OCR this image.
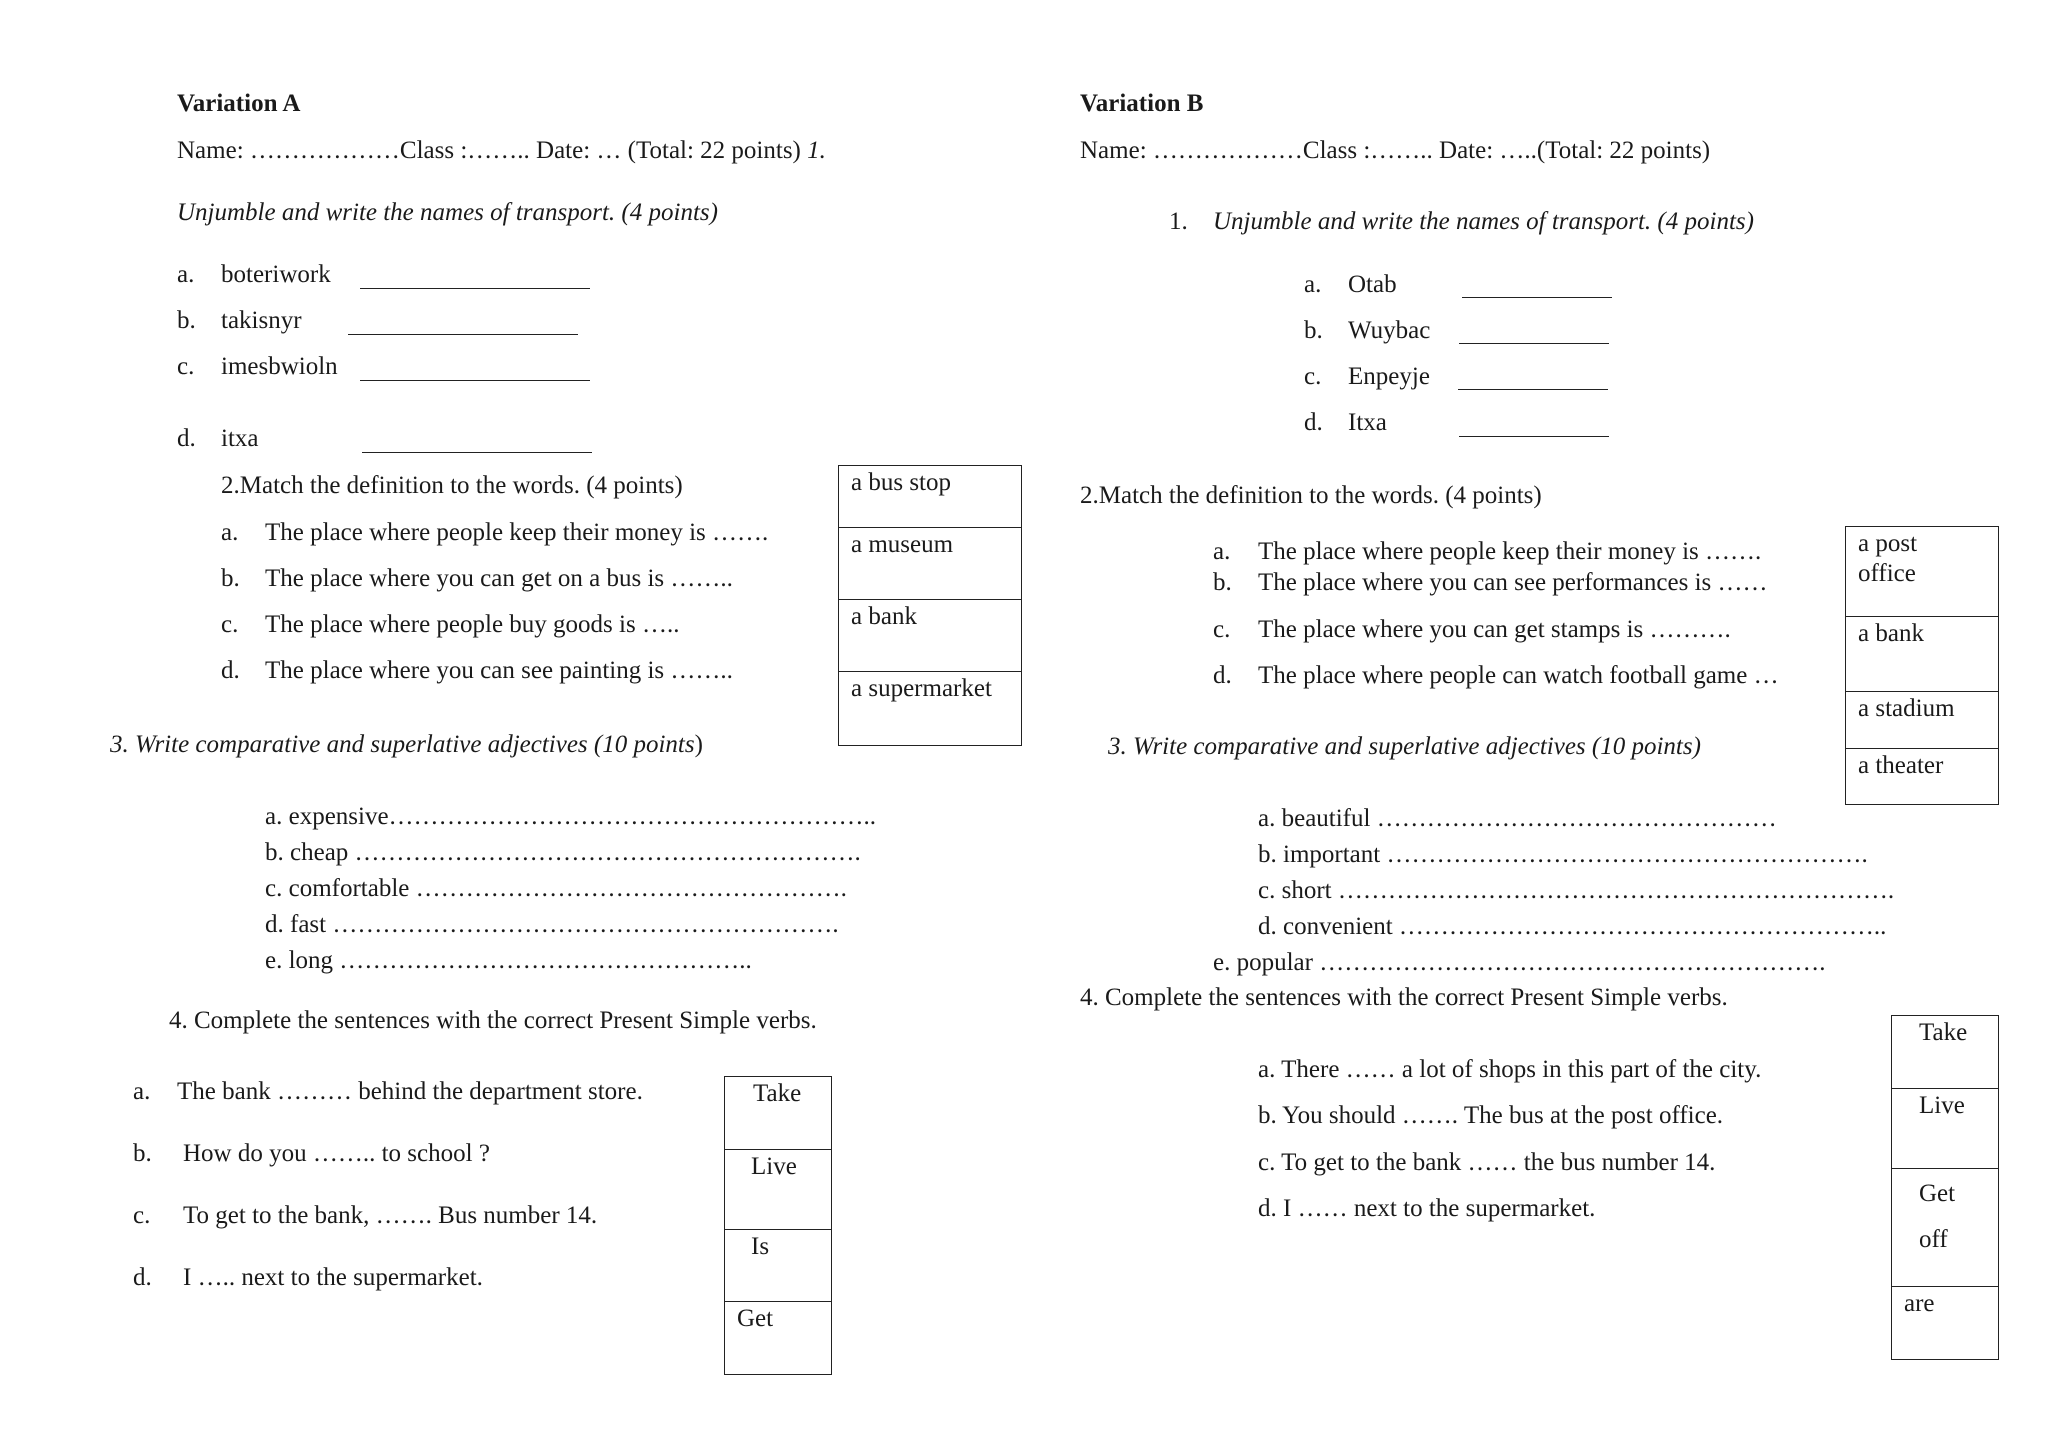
Variation A
Name: ………………Class :…….. Date: … (Total: 22 points) 1.
Unjumble and write the names of transport. (4 points)
a. boteriwork
b. takisnyr
c. imesbwioln
d. itxa
2.Match the definition to the words. (4 points)
a. The place where people keep their money is …….
b. The place where you can get on a bus is ……..
c. The place where people buy goods is …..
d. The place where you can see painting is ……..
a bus stop
a museum
a bank
a supermarket
3. Write comparative and superlative adjectives (10 points)
a. expensive…………………………………………………..
b. cheap …………………………………………………….
c. comfortable …………………………………………….
d. fast …………………………………………………….
e. long …………………………………………..
4. Complete the sentences with the correct Present Simple verbs.
a. The bank ……… behind the department store.
b. How do you …….. to school ?
c. To get to the bank, ……. Bus number 14.
d. I ….. next to the supermarket.
Take
Live
Is
Get
Variation B
Name: ………………Class :…….. Date: …..(Total: 22 points)
1. Unjumble and write the names of transport. (4 points)
a. Otab
b. Wuybac
c. Enpeyje
d. Itxa
2.Match the definition to the words. (4 points)
a. The place where people keep their money is …….
b. The place where you can see performances is ……
c. The place where you can get stamps is ……….
d. The place where people can watch football game …
a post office
a bank
a stadium
a theater
3. Write comparative and superlative adjectives (10 points)
a. beautiful …………………………………………
b. important ………………………………………………….
c. short ………………………………………………………….
d. convenient …………………………………………………..
e. popular …………………………………………………….
4. Complete the sentences with the correct Present Simple verbs.
a. There …… a lot of shops in this part of the city.
b. You should ……. The bus at the post office.
c. To get to the bank …… the bus number 14.
d. I …… next to the supermarket.
Take
Live
Get off
are
